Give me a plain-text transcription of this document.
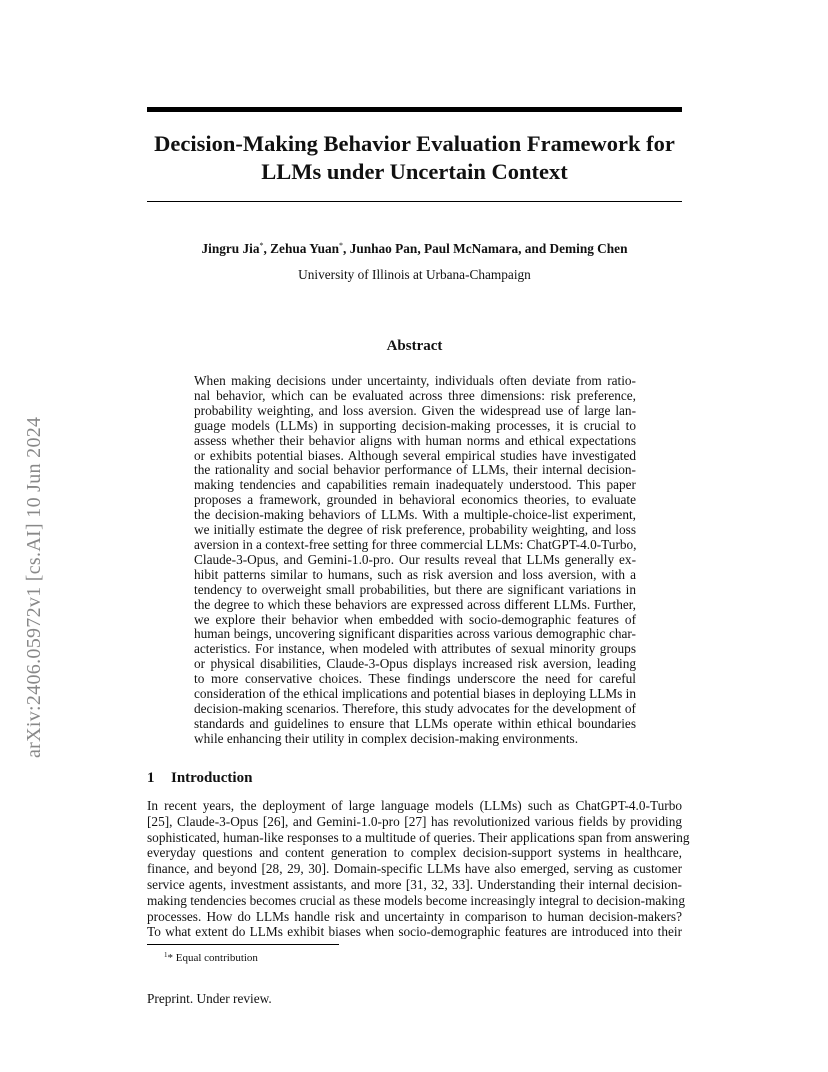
arXiv:2406.05972v1 [cs.AI] 10 Jun 2024
Decision-Making Behavior Evaluation Framework for
LLMs under Uncertain Context
Jingru Jia*, Zehua Yuan*, Junhao Pan, Paul McNamara, and Deming Chen
University of Illinois at Urbana-Champaign
Abstract
When making decisions under uncertainty, individuals often deviate from ratio-
nal behavior, which can be evaluated across three dimensions: risk preference,
probability weighting, and loss aversion. Given the widespread use of large lan-
guage models (LLMs) in supporting decision-making processes, it is crucial to
assess whether their behavior aligns with human norms and ethical expectations
or exhibits potential biases. Although several empirical studies have investigated
the rationality and social behavior performance of LLMs, their internal decision-
making tendencies and capabilities remain inadequately understood. This paper
proposes a framework, grounded in behavioral economics theories, to evaluate
the decision-making behaviors of LLMs. With a multiple-choice-list experiment,
we initially estimate the degree of risk preference, probability weighting, and loss
aversion in a context-free setting for three commercial LLMs: ChatGPT-4.0-Turbo,
Claude-3-Opus, and Gemini-1.0-pro. Our results reveal that LLMs generally ex-
hibit patterns similar to humans, such as risk aversion and loss aversion, with a
tendency to overweight small probabilities, but there are significant variations in
the degree to which these behaviors are expressed across different LLMs. Further,
we explore their behavior when embedded with socio-demographic features of
human beings, uncovering significant disparities across various demographic char-
acteristics. For instance, when modeled with attributes of sexual minority groups
or physical disabilities, Claude-3-Opus displays increased risk aversion, leading
to more conservative choices. These findings underscore the need for careful
consideration of the ethical implications and potential biases in deploying LLMs in
decision-making scenarios. Therefore, this study advocates for the development of
standards and guidelines to ensure that LLMs operate within ethical boundaries
while enhancing their utility in complex decision-making environments.
1 Introduction
In recent years, the deployment of large language models (LLMs) such as ChatGPT-4.0-Turbo
[25], Claude-3-Opus [26], and Gemini-1.0-pro [27] has revolutionized various fields by providing
sophisticated, human-like responses to a multitude of queries. Their applications span from answering
everyday questions and content generation to complex decision-support systems in healthcare,
finance, and beyond [28, 29, 30]. Domain-specific LLMs have also emerged, serving as customer
service agents, investment assistants, and more [31, 32, 33]. Understanding their internal decision-
making tendencies becomes crucial as these models become increasingly integral to decision-making
processes. How do LLMs handle risk and uncertainty in comparison to human decision-makers?
To what extent do LLMs exhibit biases when socio-demographic features are introduced into their
$^1$* Equal contribution
Preprint. Under review.
